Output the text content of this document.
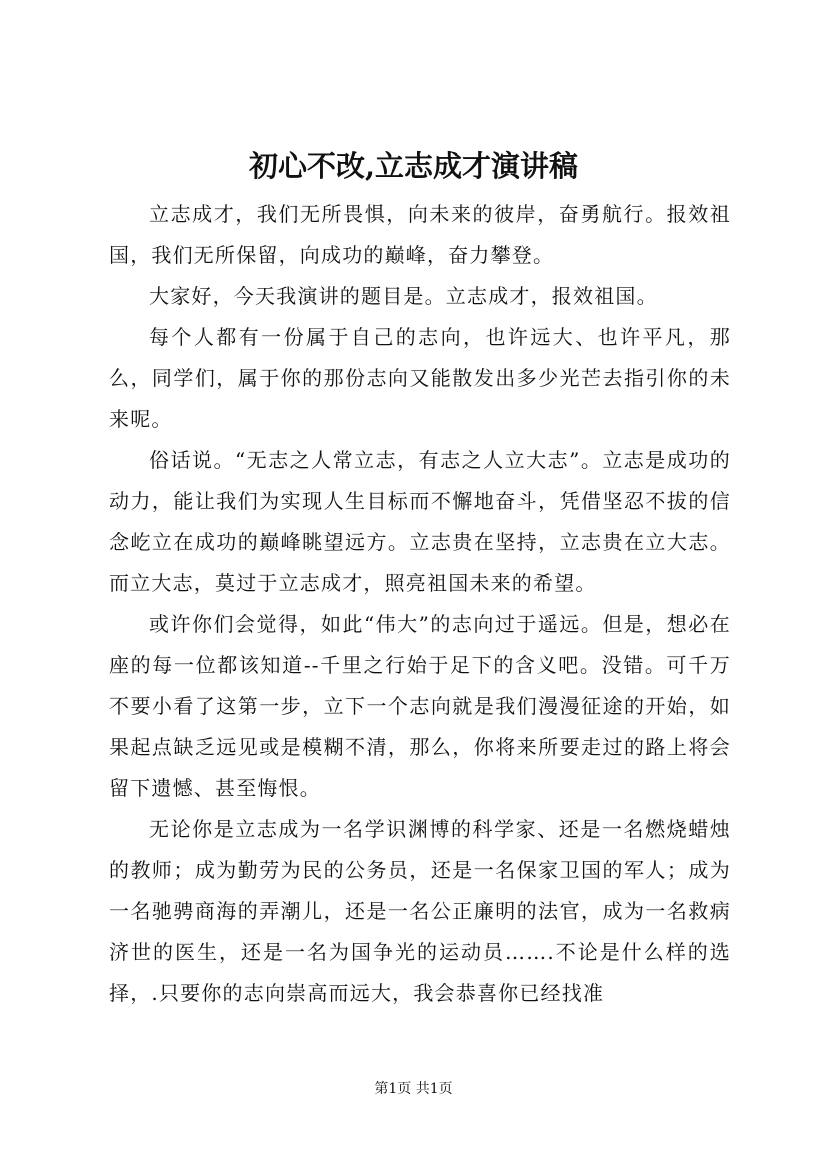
初心不改,立志成才演讲稿

立志成才，我们无所畏惧，向未来的彼岸，奋勇航行。报效祖国，我们无所保留，向成功的巅峰，奋力攀登。

大家好，今天我演讲的题目是。立志成才，报效祖国。

每个人都有一份属于自己的志向，也许远大、也许平凡，那么，同学们，属于你的那份志向又能散发出多少光芒去指引你的未来呢。

俗话说。“无志之人常立志，有志之人立大志”。立志是成功的动力，能让我们为实现人生目标而不懈地奋斗，凭借坚忍不拔的信念屹立在成功的巅峰眺望远方。立志贵在坚持，立志贵在立大志。而立大志，莫过于立志成才，照亮祖国未来的希望。

或许你们会觉得，如此“伟大”的志向过于遥远。但是，想必在座的每一位都该知道--千里之行始于足下的含义吧。没错。可千万不要小看了这第一步，立下一个志向就是我们漫漫征途的开始，如果起点缺乏远见或是模糊不清，那么，你将来所要走过的路上将会留下遗憾、甚至悔恨。

无论你是立志成为一名学识渊博的科学家、还是一名燃烧蜡烛的教师；成为勤劳为民的公务员，还是一名保家卫国的军人；成为一名驰骋商海的弄潮儿，还是一名公正廉明的法官，成为一名救病济世的医生，还是一名为国争光的运动员…….不论是什么样的选择，.只要你的志向崇高而远大，我会恭喜你已经找准

第1页 共1页
